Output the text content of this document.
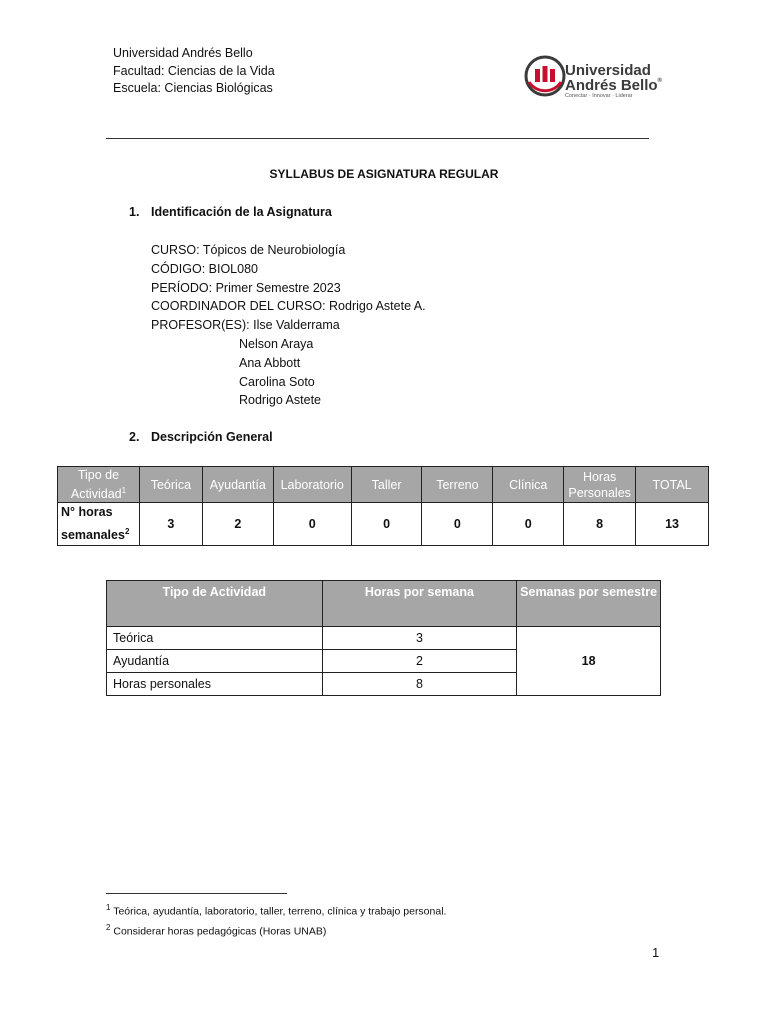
Universidad Andrés Bello
Facultad: Ciencias de la Vida
Escuela: Ciencias Biológicas
Universidad
Andrés Bello®
Conectar · Innovar · Liderar
SYLLABUS DE ASIGNATURA REGULAR
1. Identificación de la Asignatura
CURSO: Tópicos de Neurobiología
CÓDIGO: BIOL080
PERÍODO: Primer Semestre 2023
COORDINADOR DEL CURSO: Rodrigo Astete A.
PROFESOR(ES): Ilse Valderrama
Nelson Araya
Ana Abbott
Carolina Soto
Rodrigo Astete
2. Descripción General
Tipo de Actividad$^1$	Teórica	Ayudantía	Laboratorio	Taller	Terreno	Clínica	Horas Personales	TOTAL
N° horas semanales$^2$	3	2	0	0	0	0	8	13
Tipo de Actividad	Horas por semana	Semanas por semestre
Teórica	3	18
Ayudantía	2	
Horas personales	8	
$^1$ Teórica, ayudantía, laboratorio, taller, terreno, clínica y trabajo personal.
$^2$ Considerar horas pedagógicas (Horas UNAB)
1
